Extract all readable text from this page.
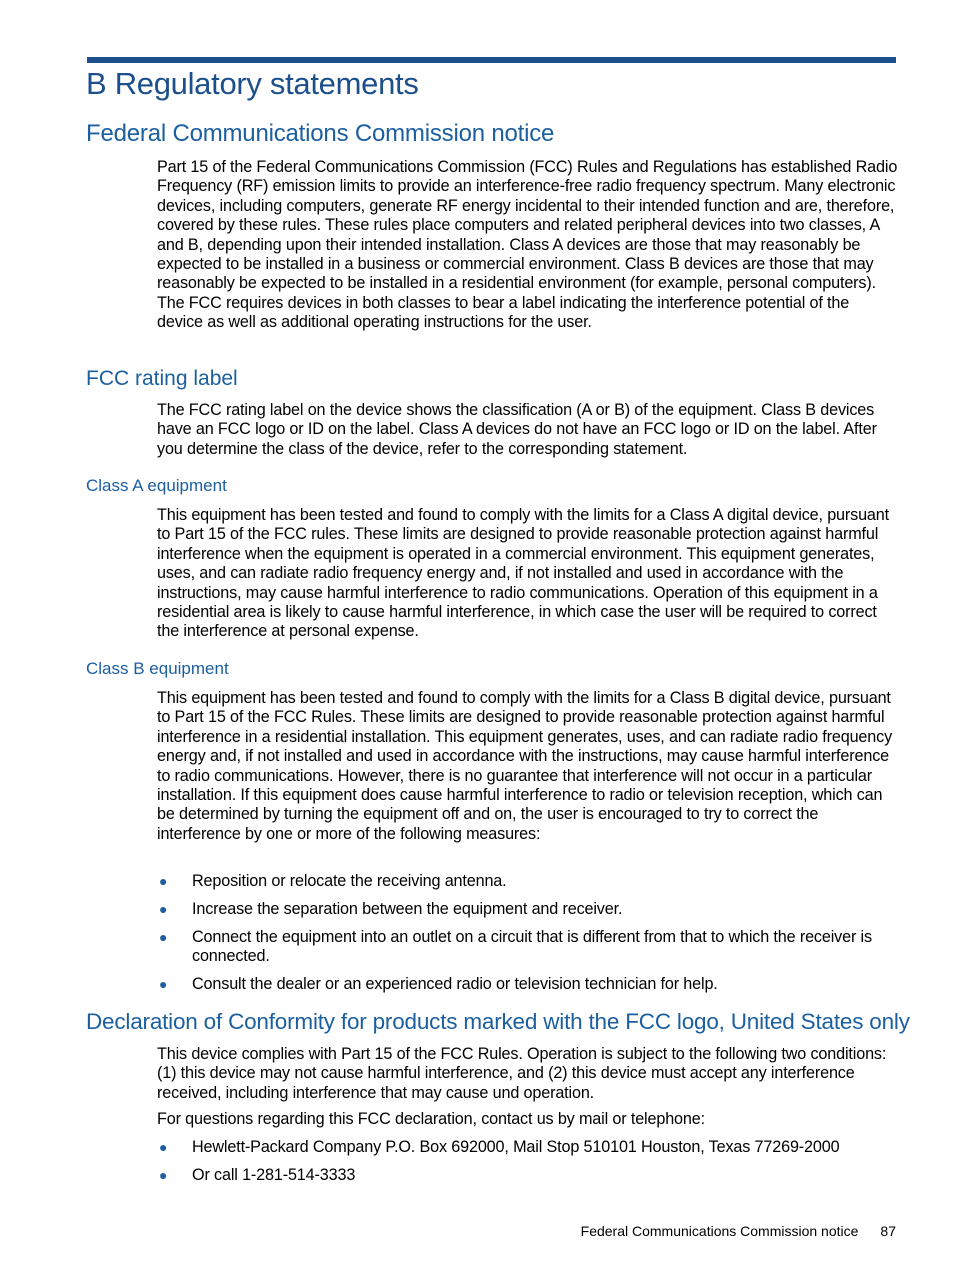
B Regulatory statements
Federal Communications Commission notice

Part 15 of the Federal Communications Commission (FCC) Rules and Regulations has established Radio Frequency (RF) emission limits to provide an interference-free radio frequency spectrum. Many electronic devices, including computers, generate RF energy incidental to their intended function and are, therefore, covered by these rules. These rules place computers and related peripheral devices into two classes, A and B, depending upon their intended installation. Class A devices are those that may reasonably be expected to be installed in a business or commercial environment. Class B devices are those that may reasonably be expected to be installed in a residential environment (for example, personal computers). The FCC requires devices in both classes to bear a label indicating the interference potential of the device as well as additional operating instructions for the user.

FCC rating label

The FCC rating label on the device shows the classification (A or B) of the equipment. Class B devices have an FCC logo or ID on the label. Class A devices do not have an FCC logo or ID on the label. After you determine the class of the device, refer to the corresponding statement.

Class A equipment

This equipment has been tested and found to comply with the limits for a Class A digital device, pursuant to Part 15 of the FCC rules. These limits are designed to provide reasonable protection against harmful interference when the equipment is operated in a commercial environment. This equipment generates, uses, and can radiate radio frequency energy and, if not installed and used in accordance with the instructions, may cause harmful interference to radio communications. Operation of this equipment in a residential area is likely to cause harmful interference, in which case the user will be required to correct the interference at personal expense.

Class B equipment

This equipment has been tested and found to comply with the limits for a Class B digital device, pursuant to Part 15 of the FCC Rules. These limits are designed to provide reasonable protection against harmful interference in a residential installation. This equipment generates, uses, and can radiate radio frequency energy and, if not installed and used in accordance with the instructions, may cause harmful interference to radio communications. However, there is no guarantee that interference will not occur in a particular installation. If this equipment does cause harmful interference to radio or television reception, which can be determined by turning the equipment off and on, the user is encouraged to try to correct the interference by one or more of the following measures:

● Reposition or relocate the receiving antenna.
● Increase the separation between the equipment and receiver.
● Connect the equipment into an outlet on a circuit that is different from that to which the receiver is connected.
● Consult the dealer or an experienced radio or television technician for help.
Declaration of Conformity for products marked with the FCC logo, United States only

This device complies with Part 15 of the FCC Rules. Operation is subject to the following two conditions: (1) this device may not cause harmful interference, and (2) this device must accept any interference received, including interference that may cause und operation.

For questions regarding this FCC declaration, contact us by mail or telephone:

● Hewlett-Packard Company P.O. Box 692000, Mail Stop 510101 Houston, Texas 77269-2000
● Or call 1-281-514-3333
Federal Communications Commission notice 87
